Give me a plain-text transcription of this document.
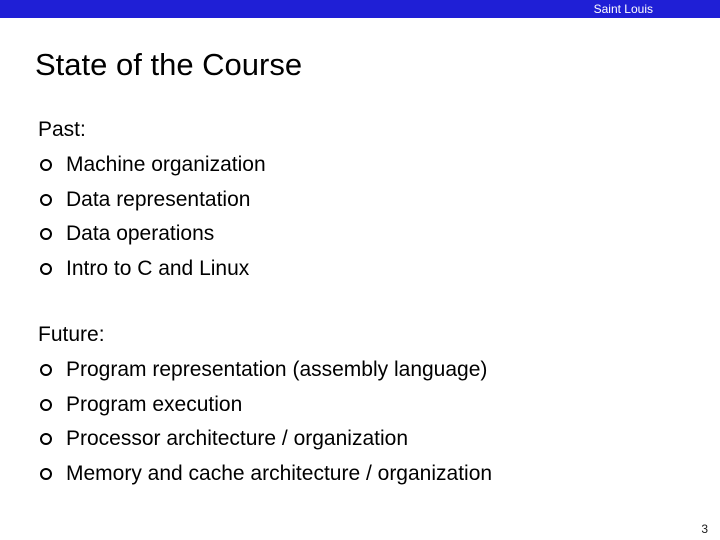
Saint Louis
State of the Course
Past:
Machine organization
Data representation
Data operations
Intro to C and Linux
Future:
Program representation (assembly language)
Program execution
Processor architecture / organization
Memory and cache architecture / organization
3
